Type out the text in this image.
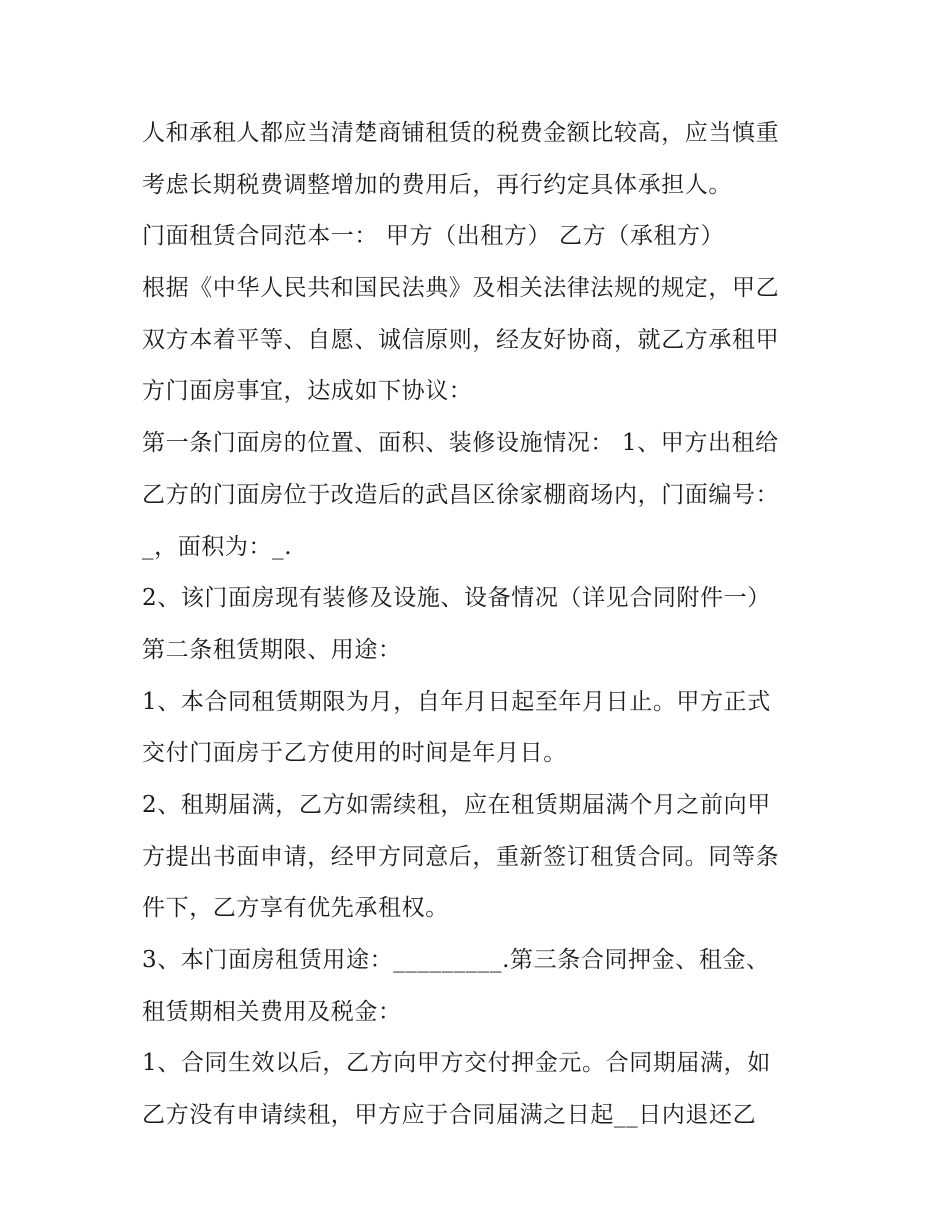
人和承租人都应当清楚商铺租赁的税费金额比较高，应当慎重
考虑长期税费调整增加的费用后，再行约定具体承担人。
门面租赁合同范本一： 甲方（出租方） 乙方（承租方）
根据《中华人民共和国民法典》及相关法律法规的规定，甲乙
双方本着平等、自愿、诚信原则，经友好协商，就乙方承租甲
方门面房事宜，达成如下协议：
第一条门面房的位置、面积、装修设施情况： 1、甲方出租给
乙方的门面房位于改造后的武昌区徐家棚商场内，门面编号：
_，面积为：_.
2、该门面房现有装修及设施、设备情况（详见合同附件一）
第二条租赁期限、用途：
1、本合同租赁期限为月，自年月日起至年月日止。甲方正式
交付门面房于乙方使用的时间是年月日。
2、租期届满，乙方如需续租，应在租赁期届满个月之前向甲
方提出书面申请，经甲方同意后，重新签订租赁合同。同等条
件下，乙方享有优先承租权。
3、本门面房租赁用途：_________.第三条合同押金、租金、
租赁期相关费用及税金：
1、合同生效以后，乙方向甲方交付押金元。合同期届满，如
乙方没有申请续租，甲方应于合同届满之日起__日内退还乙
